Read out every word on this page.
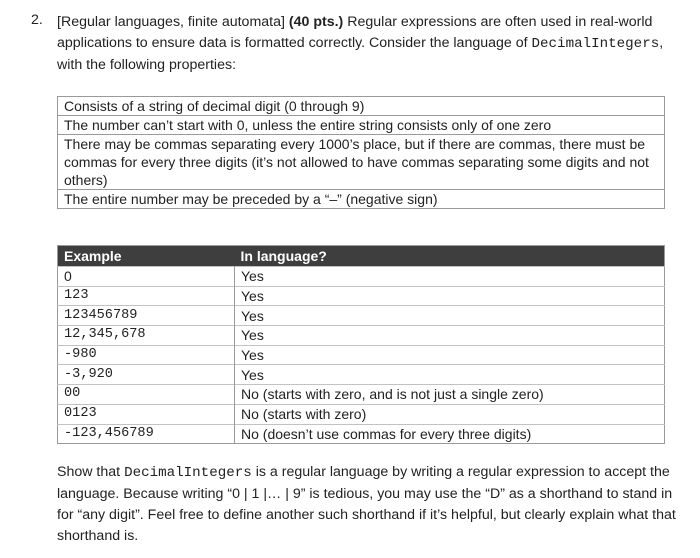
2. [Regular languages, finite automata] (40 pts.) Regular expressions are often used in real-world applications to ensure data is formatted correctly. Consider the language of DecimalIntegers, with the following properties:
Consists of a string of decimal digit (0 through 9)
The number can’t start with 0, unless the entire string consists only of one zero
There may be commas separating every 1000’s place, but if there are commas, there must be commas for every three digits (it’s not allowed to have commas separating some digits and not others)
The entire number may be preceded by a “–” (negative sign)
Example	In language?
0	Yes
123	Yes
123456789	Yes
12,345,678	Yes
-980	Yes
-3,920	Yes
00	No (starts with zero, and is not just a single zero)
0123	No (starts with zero)
-123,456789	No (doesn’t use commas for every three digits)
Show that DecimalIntegers is a regular language by writing a regular expression to accept the language. Because writing “0 | 1 |… | 9” is tedious, you may use the “D” as a shorthand to stand in for “any digit”. Feel free to define another such shorthand if it’s helpful, but clearly explain what that shorthand is.
